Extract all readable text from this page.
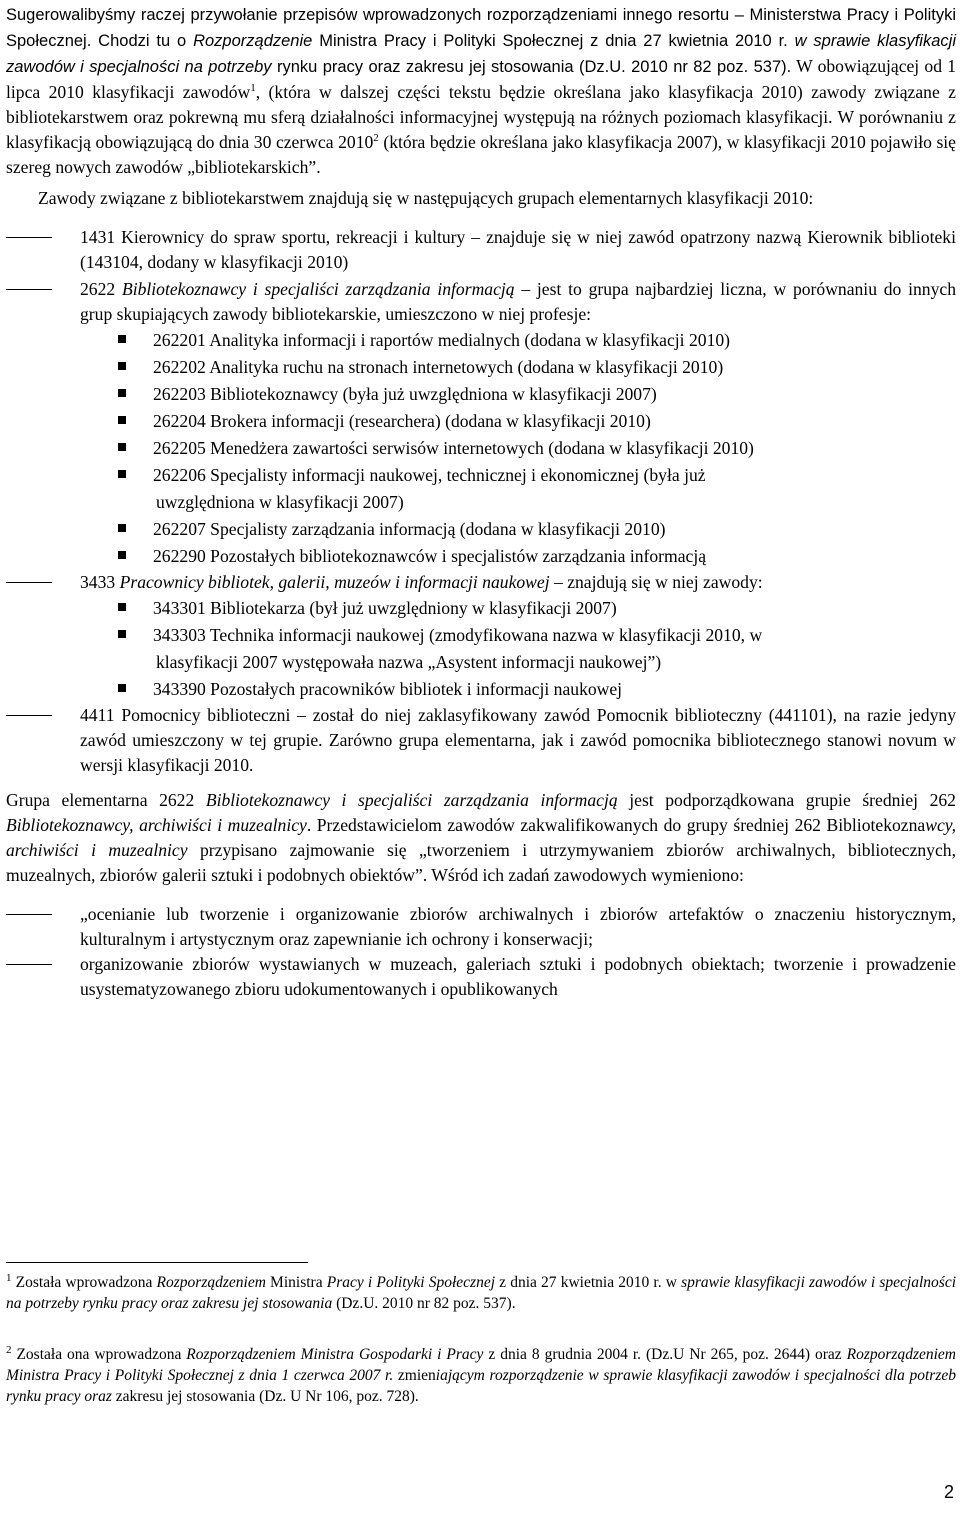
Sugerowalibyśmy raczej przywołanie przepisów wprowadzonych rozporządzeniami innego resortu – Ministerstwa Pracy i Polityki Społecznej. Chodzi tu o Rozporządzenie Ministra Pracy i Polityki Społecznej z dnia 27 kwietnia 2010 r. w sprawie klasyfikacji zawodów i specjalności na potrzeby rynku pracy oraz zakresu jej stosowania (Dz.U. 2010 nr 82 poz. 537). W obowiązującej od 1 lipca 2010 klasyfikacji zawodów$^1$, (która w dalszej części tekstu będzie określana jako klasyfikacja 2010) zawody związane z bibliotekarstwem oraz pokrewną mu sferą działalności informacyjnej występują na różnych poziomach klasyfikacji. W porównaniu z klasyfikacją obowiązującą do dnia 30 czerwca 2010$^2$ (która będzie określana jako klasyfikacja 2007), w klasyfikacji 2010 pojawiło się szereg nowych zawodów „bibliotekarskich”.

Zawody związane z bibliotekarstwem znajdują się w następujących grupach elementarnych klasyfikacji 2010:

1431 Kierownicy do spraw sportu, rekreacji i kultury – znajduje się w niej zawód opatrzony nazwą Kierownik biblioteki (143104, dodany w klasyfikacji 2010)
2622 Bibliotekoznawcy i specjaliści zarządzania informacją – jest to grupa najbardziej liczna, w porównaniu do innych grup skupiających zawody bibliotekarskie, umieszczono w niej profesje:
262201 Analityka informacji i raportów medialnych (dodana w klasyfikacji 2010)
262202 Analityka ruchu na stronach internetowych (dodana w klasyfikacji 2010)
262203 Bibliotekoznawcy (była już uwzględniona w klasyfikacji 2007)
262204 Brokera informacji (researchera) (dodana w klasyfikacji 2010)
262205 Menedżera zawartości serwisów internetowych (dodana w klasyfikacji 2010)
262206 Specjalisty informacji naukowej, technicznej i ekonomicznej (była już
uwzględniona w klasyfikacji 2007)
262207 Specjalisty zarządzania informacją (dodana w klasyfikacji 2010)
262290 Pozostałych bibliotekoznawców i specjalistów zarządzania informacją
3433 Pracownicy bibliotek, galerii, muzeów i informacji naukowej – znajdują się w niej zawody:
343301 Bibliotekarza (był już uwzględniony w klasyfikacji 2007)
343303 Technika informacji naukowej (zmodyfikowana nazwa w klasyfikacji 2010, w
klasyfikacji 2007 występowała nazwa „Asystent informacji naukowej”)
343390 Pozostałych pracowników bibliotek i informacji naukowej
4411 Pomocnicy biblioteczni – został do niej zaklasyfikowany zawód Pomocnik biblioteczny (441101), na razie jedyny zawód umieszczony w tej grupie. Zarówno grupa elementarna, jak i zawód pomocnika bibliotecznego stanowi novum w wersji klasyfikacji 2010.

Grupa elementarna 2622 Bibliotekoznawcy i specjaliści zarządzania informacją jest podporządkowana grupie średniej 262 Bibliotekoznawcy, archiwiści i muzealnicy. Przedstawicielom zawodów zakwalifikowanych do grupy średniej 262 Bibliotekoznawcy, archiwiści i muzealnicy przypisano zajmowanie się „tworzeniem i utrzymywaniem zbiorów archiwalnych, bibliotecznych, muzealnych, zbiorów galerii sztuki i podobnych obiektów”. Wśród ich zadań zawodowych wymieniono:

„ocenianie lub tworzenie i organizowanie zbiorów archiwalnych i zbiorów artefaktów o znaczeniu historycznym, kulturalnym i artystycznym oraz zapewnianie ich ochrony i konserwacji;
organizowanie zbiorów wystawianych w muzeach, galeriach sztuki i podobnych obiektach; tworzenie i prowadzenie usystematyzowanego zbioru udokumentowanych i opublikowanych
$^1$ Została wprowadzona Rozporządzeniem Ministra Pracy i Polityki Społecznej z dnia 27 kwietnia 2010 r. w sprawie klasyfikacji zawodów i specjalności na potrzeby rynku pracy oraz zakresu jej stosowania (Dz.U. 2010 nr 82 poz. 537).
$^2$ Została ona wprowadzona Rozporządzeniem Ministra Gospodarki i Pracy z dnia 8 grudnia 2004 r. (Dz.U Nr 265, poz. 2644) oraz Rozporządzeniem Ministra Pracy i Polityki Społecznej z dnia 1 czerwca 2007 r. zmieniającym rozporządzenie w sprawie klasyfikacji zawodów i specjalności dla potrzeb rynku pracy oraz zakresu jej stosowania (Dz. U Nr 106, poz. 728).
2
